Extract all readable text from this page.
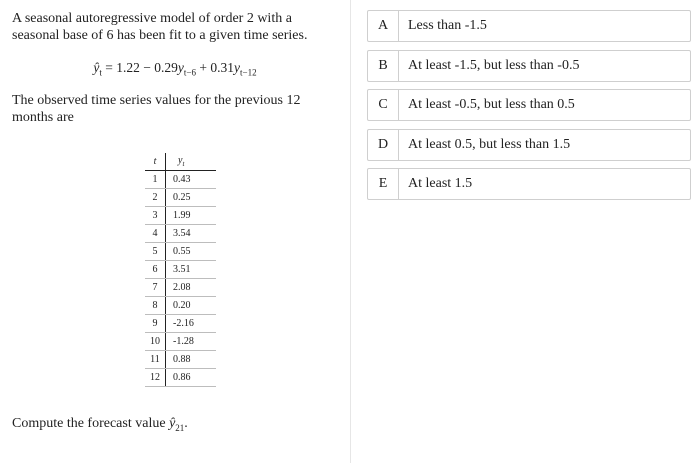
A seasonal autoregressive model of order 2 with a seasonal base of 6 has been fit to a given time series.
$ŷ_t = 1.22 - 0.29y_{t-6} + 0.31y_{t-12}$
The observed time series values for the previous 12 months are
t	$y_t$
1	0.43
2	0.25
3	1.99
4	3.54
5	0.55
6	3.51
7	2.08
8	0.20
9	-2.16
10	-1.28
11	0.88
12	0.86
Compute the forecast value $ŷ_{21}$.
A	Less than -1.5
B	At least -1.5, but less than -0.5
C	At least -0.5, but less than 0.5
D	At least 0.5, but less than 1.5
E	At least 1.5
